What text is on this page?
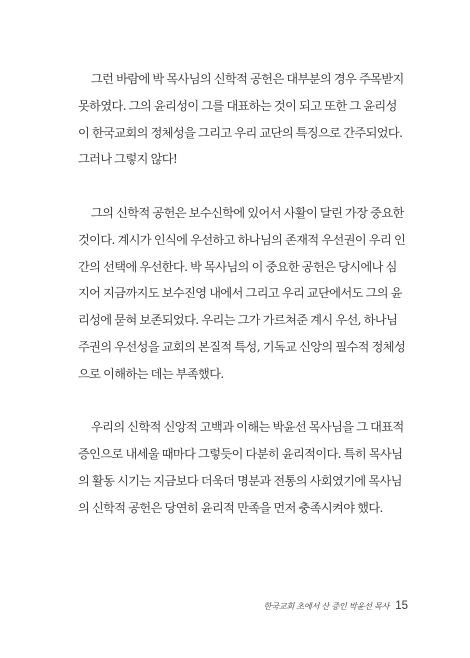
그런 바람에 박 목사님의 신학적 공헌은 대부분의 경우 주목받지
못하였다. 그의 윤리성이 그를 대표하는 것이 되고 또한 그 윤리성
이 한국교회의 정체성을 그리고 우리 교단의 특징으로 간주되었다.
그러나 그렇지 않다!
그의 신학적 공헌은 보수신학에 있어서 사활이 달린 가장 중요한
것이다. 계시가 인식에 우선하고 하나님의 존재적 우선권이 우리 인
간의 선택에 우선한다. 박 목사님의 이 중요한 공헌은 당시에나 심
지어 지금까지도 보수진영 내에서 그리고 우리 교단에서도 그의 윤
리성에 묻혀 보존되었다. 우리는 그가 가르쳐준 계시 우선, 하나님
주권의 우선성을 교회의 본질적 특성, 기독교 신앙의 필수적 정체성
으로 이해하는 데는 부족했다.
우리의 신학적 신앙적 고백과 이해는 박윤선 목사님을 그 대표적
증인으로 내세울 때마다 그렇듯이 다분히 윤리적이다. 특히 목사님
의 활동 시기는 지금보다 더욱더 명분과 전통의 사회였기에 목사님
의 신학적 공헌은 당연히 윤리적 만족을 먼저 충족시켜야 했다.
한국교회 초에서 산 증인 박윤선 목사 15
